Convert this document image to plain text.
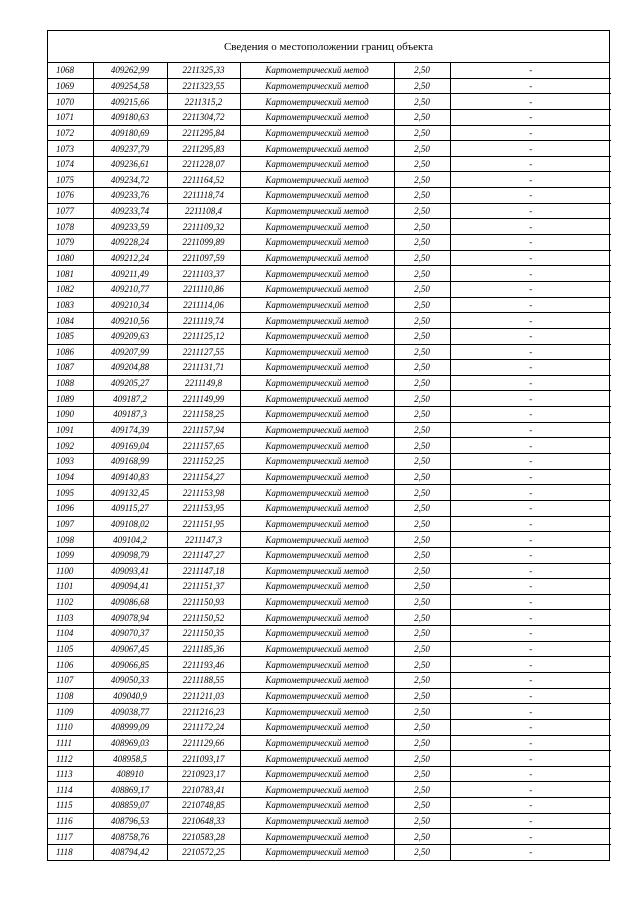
Сведения о местоположении границ объекта
1068	409262,99	2211325,33	Картометрический метод	2,50	-
1069	409254,58	2211323,55	Картометрический метод	2,50	-
1070	409215,66	2211315,2	Картометрический метод	2,50	-
1071	409180,63	2211304,72	Картометрический метод	2,50	-
1072	409180,69	2211295,84	Картометрический метод	2,50	-
1073	409237,79	2211295,83	Картометрический метод	2,50	-
1074	409236,61	2211228,07	Картометрический метод	2,50	-
1075	409234,72	2211164,52	Картометрический метод	2,50	-
1076	409233,76	2211118,74	Картометрический метод	2,50	-
1077	409233,74	2211108,4	Картометрический метод	2,50	-
1078	409233,59	2211109,32	Картометрический метод	2,50	-
1079	409228,24	2211099,89	Картометрический метод	2,50	-
1080	409212,24	2211097,59	Картометрический метод	2,50	-
1081	409211,49	2211103,37	Картометрический метод	2,50	-
1082	409210,77	2211110,86	Картометрический метод	2,50	-
1083	409210,34	2211114,06	Картометрический метод	2,50	-
1084	409210,56	2211119,74	Картометрический метод	2,50	-
1085	409209,63	2211125,12	Картометрический метод	2,50	-
1086	409207,99	2211127,55	Картометрический метод	2,50	-
1087	409204,88	2211131,71	Картометрический метод	2,50	-
1088	409205,27	2211149,8	Картометрический метод	2,50	-
1089	409187,2	2211149,99	Картометрический метод	2,50	-
1090	409187,3	2211158,25	Картометрический метод	2,50	-
1091	409174,39	2211157,94	Картометрический метод	2,50	-
1092	409169,04	2211157,65	Картометрический метод	2,50	-
1093	409168,99	2211152,25	Картометрический метод	2,50	-
1094	409140,83	2211154,27	Картометрический метод	2,50	-
1095	409132,45	2211153,98	Картометрический метод	2,50	-
1096	409115,27	2211153,95	Картометрический метод	2,50	-
1097	409108,02	2211151,95	Картометрический метод	2,50	-
1098	409104,2	2211147,3	Картометрический метод	2,50	-
1099	409098,79	2211147,27	Картометрический метод	2,50	-
1100	409093,41	2211147,18	Картометрический метод	2,50	-
1101	409094,41	2211151,37	Картометрический метод	2,50	-
1102	409086,68	2211150,93	Картометрический метод	2,50	-
1103	409078,94	2211150,52	Картометрический метод	2,50	-
1104	409070,37	2211150,35	Картометрический метод	2,50	-
1105	409067,45	2211185,36	Картометрический метод	2,50	-
1106	409066,85	2211193,46	Картометрический метод	2,50	-
1107	409050,33	2211188,55	Картометрический метод	2,50	-
1108	409040,9	2211211,03	Картометрический метод	2,50	-
1109	409038,77	2211216,23	Картометрический метод	2,50	-
1110	408999,09	2211172,24	Картометрический метод	2,50	-
1111	408969,03	2211129,66	Картометрический метод	2,50	-
1112	408958,5	2211093,17	Картометрический метод	2,50	-
1113	408910	2210923,17	Картометрический метод	2,50	-
1114	408869,17	2210783,41	Картометрический метод	2,50	-
1115	408859,07	2210748,85	Картометрический метод	2,50	-
1116	408796,53	2210648,33	Картометрический метод	2,50	-
1117	408758,76	2210583,28	Картометрический метод	2,50	-
1118	408794,42	2210572,25	Картометрический метод	2,50	-
